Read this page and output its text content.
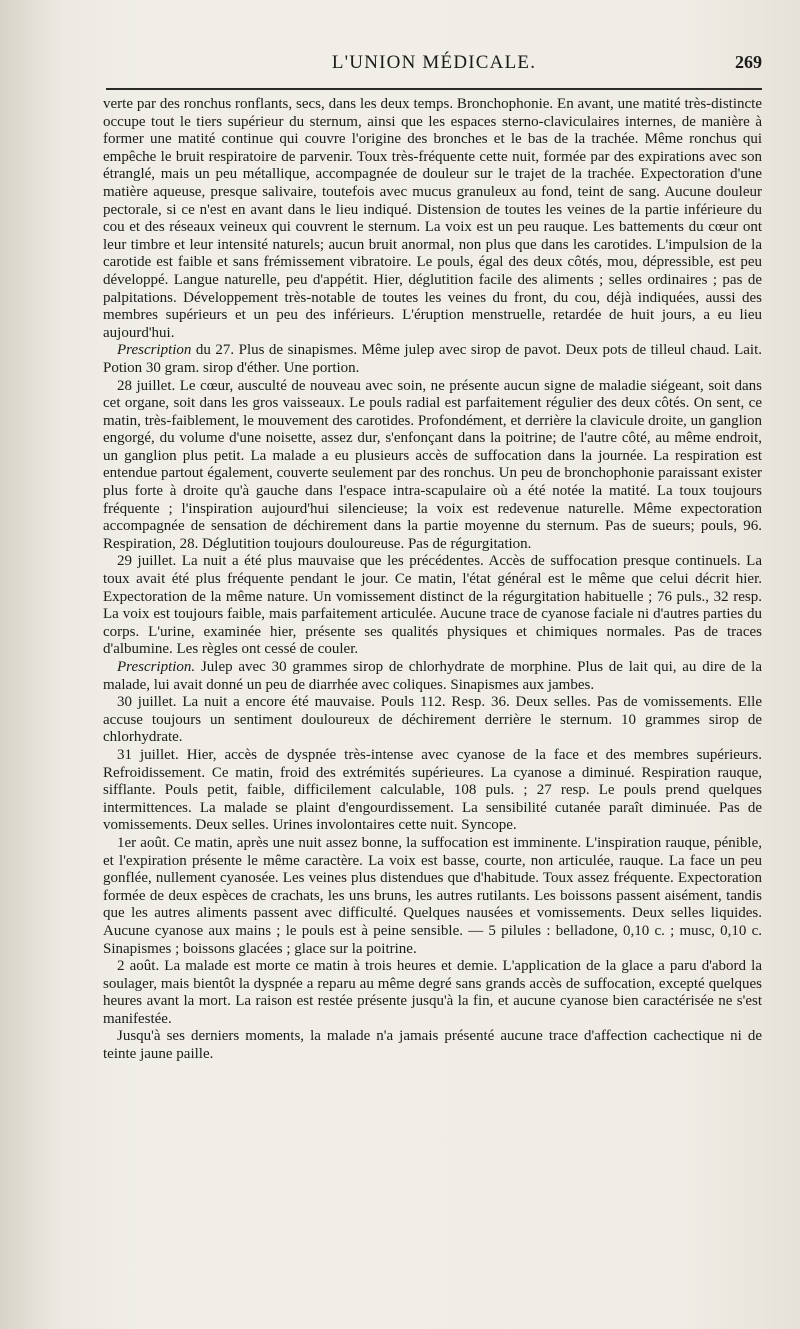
L'UNION MÉDICALE.	269

verte par des ronchus ronflants, secs, dans les deux temps. Bronchophonie. En avant, une matité très-distincte occupe tout le tiers supérieur du sternum, ainsi que les espaces sterno-claviculaires internes, de manière à former une matité continue qui couvre l'origine des bronches et le bas de la trachée. Même ronchus qui empêche le bruit respiratoire de parvenir. Toux très-fréquente cette nuit, formée par des expirations avec son étranglé, mais un peu métallique, accompagnée de douleur sur le trajet de la trachée. Expectoration d'une matière aqueuse, presque salivaire, toutefois avec mucus granuleux au fond, teint de sang. Aucune douleur pectorale, si ce n'est en avant dans le lieu indiqué. Distension de toutes les veines de la partie inférieure du cou et des réseaux veineux qui couvrent le sternum. La voix est un peu rauque. Les battements du cœur ont leur timbre et leur intensité naturels; aucun bruit anormal, non plus que dans les carotides. L'impulsion de la carotide est faible et sans frémissement vibratoire. Le pouls, égal des deux côtés, mou, dépressible, est peu développé. Langue naturelle, peu d'appétit. Hier, déglutition facile des aliments ; selles ordinaires ; pas de palpitations. Développement très-notable de toutes les veines du front, du cou, déjà indiquées, aussi des membres supérieurs et un peu des inférieurs. L'éruption menstruelle, retardée de huit jours, a eu lieu aujourd'hui.

Prescription du 27. Plus de sinapismes. Même julep avec sirop de pavot. Deux pots de tilleul chaud. Lait. Potion 30 gram. sirop d'éther. Une portion.

28 juillet. Le cœur, ausculté de nouveau avec soin, ne présente aucun signe de maladie siégeant, soit dans cet organe, soit dans les gros vaisseaux. Le pouls radial est parfaitement régulier des deux côtés. On sent, ce matin, très-faiblement, le mouvement des carotides. Profondément, et derrière la clavicule droite, un ganglion engorgé, du volume d'une noisette, assez dur, s'enfonçant dans la poitrine; de l'autre côté, au même endroit, un ganglion plus petit. La malade a eu plusieurs accès de suffocation dans la journée. La respiration est entendue partout également, couverte seulement par des ronchus. Un peu de bronchophonie paraissant exister plus forte à droite qu'à gauche dans l'espace intra-scapulaire où a été notée la matité. La toux toujours fréquente ; l'inspiration aujourd'hui silencieuse; la voix est redevenue naturelle. Même expectoration accompagnée de sensation de déchirement dans la partie moyenne du sternum. Pas de sueurs; pouls, 96. Respiration, 28. Déglutition toujours douloureuse. Pas de régurgitation.

29 juillet. La nuit a été plus mauvaise que les précédentes. Accès de suffocation presque continuels. La toux avait été plus fréquente pendant le jour. Ce matin, l'état général est le même que celui décrit hier. Expectoration de la même nature. Un vomissement distinct de la régurgitation habituelle ; 76 puls., 32 resp. La voix est toujours faible, mais parfaitement articulée. Aucune trace de cyanose faciale ni d'autres parties du corps. L'urine, examinée hier, présente ses qualités physiques et chimiques normales. Pas de traces d'albumine. Les règles ont cessé de couler.

Prescription. Julep avec 30 grammes sirop de chlorhydrate de morphine. Plus de lait qui, au dire de la malade, lui avait donné un peu de diarrhée avec coliques. Sinapismes aux jambes.

30 juillet. La nuit a encore été mauvaise. Pouls 112. Resp. 36. Deux selles. Pas de vomissements. Elle accuse toujours un sentiment douloureux de déchirement derrière le sternum. 10 grammes sirop de chlorhydrate.

31 juillet. Hier, accès de dyspnée très-intense avec cyanose de la face et des membres supérieurs. Refroidissement. Ce matin, froid des extrémités supérieures. La cyanose a diminué. Respiration rauque, sifflante. Pouls petit, faible, difficilement calculable, 108 puls. ; 27 resp. Le pouls prend quelques intermittences. La malade se plaint d'engourdissement. La sensibilité cutanée paraît diminuée. Pas de vomissements. Deux selles. Urines involontaires cette nuit. Syncope.

1er août. Ce matin, après une nuit assez bonne, la suffocation est imminente. L'inspiration rauque, pénible, et l'expiration présente le même caractère. La voix est basse, courte, non articulée, rauque. La face un peu gonflée, nullement cyanosée. Les veines plus distendues que d'habitude. Toux assez fréquente. Expectoration formée de deux espèces de crachats, les uns bruns, les autres rutilants. Les boissons passent aisément, tandis que les autres aliments passent avec difficulté. Quelques nausées et vomissements. Deux selles liquides. Aucune cyanose aux mains ; le pouls est à peine sensible. — 5 pilules : belladone, 0,10 c. ; musc, 0,10 c. Sinapismes ; boissons glacées ; glace sur la poitrine.

2 août. La malade est morte ce matin à trois heures et demie. L'application de la glace a paru d'abord la soulager, mais bientôt la dyspnée a reparu au même degré sans grands accès de suffocation, excepté quelques heures avant la mort. La raison est restée présente jusqu'à la fin, et aucune cyanose bien caractérisée ne s'est manifestée.

Jusqu'à ses derniers moments, la malade n'a jamais présenté aucune trace d'affection cachectique ni de teinte jaune paille.
